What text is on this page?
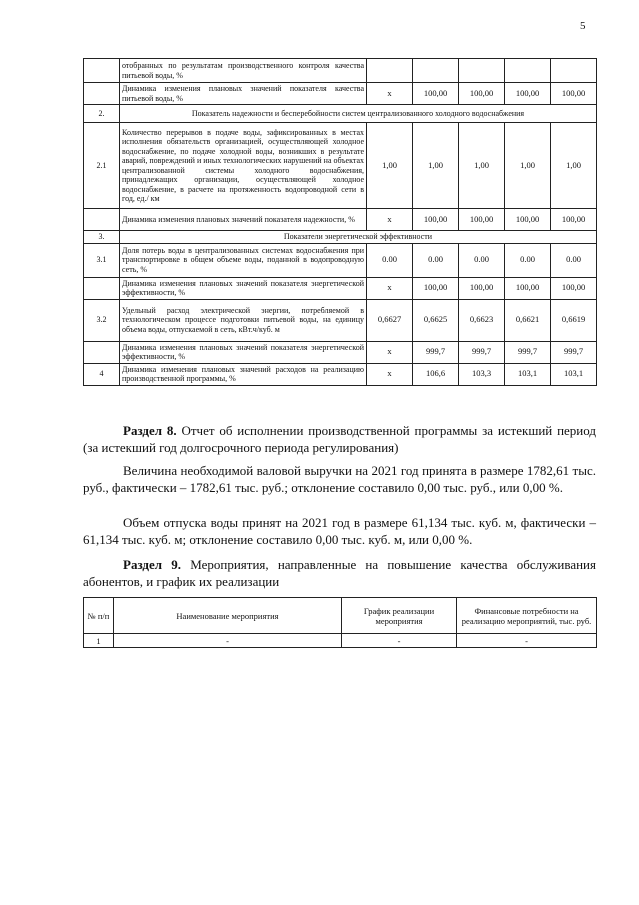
5
	отобранных по результатам производственного контроля качества питьевой воды, %					
	Динамика изменения плановых значений показателя качества питьевой воды, %	х	100,00	100,00	100,00	100,00
2.	Показатель надежности и бесперебойности систем централизованного холодного водоснабжения					
2.1	Количество перерывов в подаче воды, зафиксированных в местах исполнения обязательств организацией, осуществляющей холодное водоснабжение, по подаче холодной воды, возникших в результате аварий, повреждений и иных технологических нарушений на объектах централизованной системы холодного водоснабжения, принадлежащих организации, осуществляющей холодное водоснабжение, в расчете на протяженность водопроводной сети в год, ед./ км	1,00	1,00	1,00	1,00	1,00
	Динамика изменения плановых значений показателя надежности, %	х	100,00	100,00	100,00	100,00
3.	Показатели энергетической эффективности					
3.1	Доля потерь воды в централизованных системах водоснабжения при транспортировке в общем объеме воды, поданной в водопроводную сеть, %	0.00	0.00	0.00	0.00	0.00
	Динамика изменения плановых значений показателя энергетической эффективности, %	х	100,00	100,00	100,00	100,00
3.2	Удельный расход электрической энергии, потребляемой в технологическом процессе подготовки питьевой воды, на единицу объема воды, отпускаемой в сеть, кВт.ч/куб. м	0,6627	0,6625	0,6623	0,6621	0,6619
	Динамика изменения плановых значений показателя энергетической эффективности, %	х	999,7	999,7	999,7	999,7
4	Динамика изменения плановых значений расходов на реализацию производственной программы, %	х	106,6	103,3	103,1	103,1
Раздел 8. Отчет об исполнении производственной программы за истекший период (за истекший год долгосрочного периода регулирования)
Величина необходимой валовой выручки на 2021 год принята в размере 1782,61 тыс. руб., фактически – 1782,61 тыс. руб.; отклонение составило 0,00 тыс. руб., или 0,00 %.
Объем отпуска воды принят на 2021 год в размере 61,134 тыс. куб. м, фактически – 61,134 тыс. куб. м; отклонение составило 0,00 тыс. куб. м, или 0,00 %.
Раздел 9. Мероприятия, направленные на повышение качества обслуживания абонентов, и график их реализации
№ п/п	Наименование мероприятия	График реализации мероприятия	Финансовые потребности на реализацию мероприятий, тыс. руб.
1	-	-	-
